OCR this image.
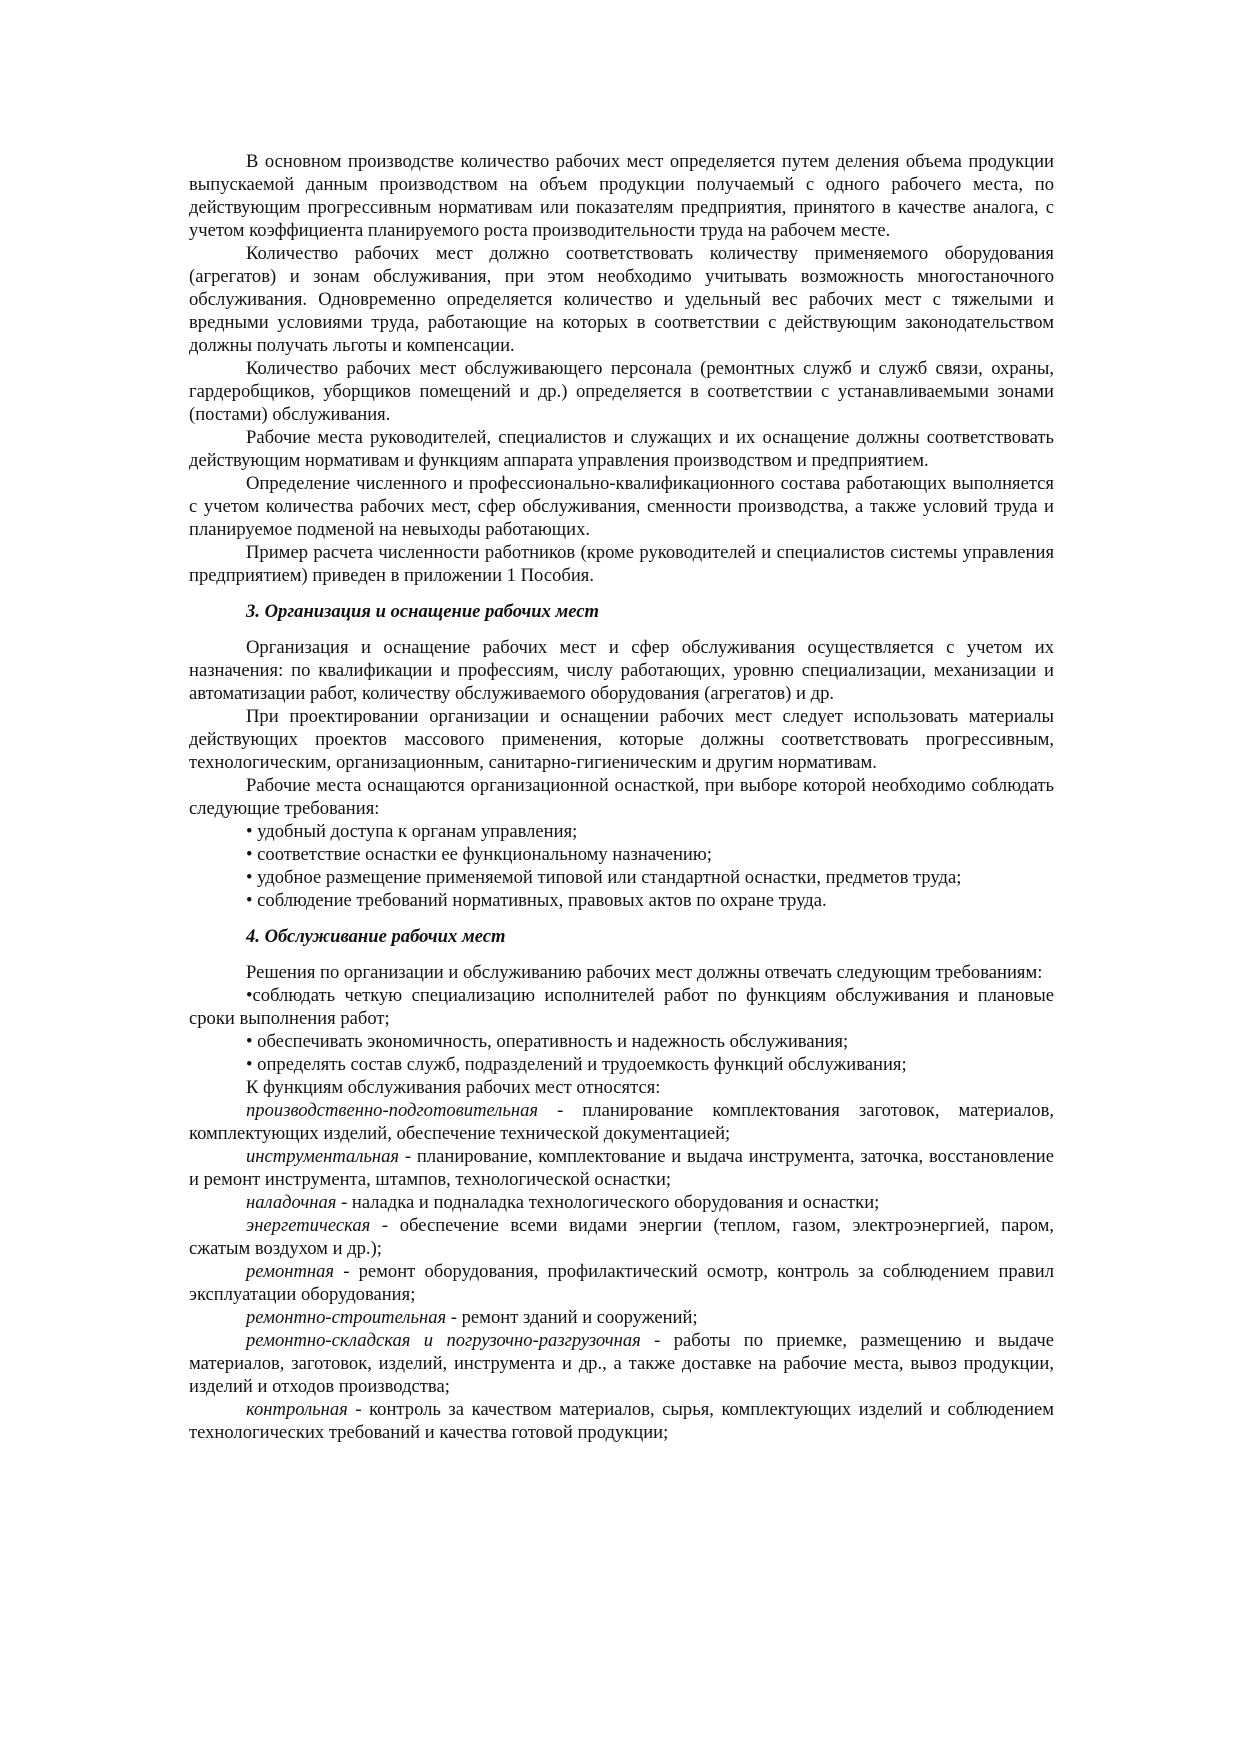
В основном производстве количество рабочих мест определяется путем деления объема продукции выпускаемой данным производством на объем продукции получаемый с одного рабочего места, по действующим прогрессивным нормативам или показателям предприятия, принятого в качестве аналога, с учетом коэффициента планируемого роста производительности труда на рабочем месте.

Количество рабочих мест должно соответствовать количеству применяемого оборудования (агрегатов) и зонам обслуживания, при этом необходимо учитывать возможность многостаночного обслуживания. Одновременно определяется количество и удельный вес рабочих мест с тяжелыми и вредными условиями труда, работающие на которых в соответствии с действующим законодательством должны получать льготы и компенсации.

Количество рабочих мест обслуживающего персонала (ремонтных служб и служб связи, охраны, гардеробщиков, уборщиков помещений и др.) определяется в соответствии с устанавливаемыми зонами (постами) обслуживания.

Рабочие места руководителей, специалистов и служащих и их оснащение должны соответствовать действующим нормативам и функциям аппарата управления производством и предприятием.

Определение численного и профессионально-квалификационного состава работающих выполняется с учетом количества рабочих мест, сфер обслуживания, сменности производства, а также условий труда и планируемое подменой на невыходы работающих.

Пример расчета численности работников (кроме руководителей и специалистов системы управления предприятием) приведен в приложении 1 Пособия.

3. Организация и оснащение рабочих мест

Организация и оснащение рабочих мест и сфер обслуживания осуществляется с учетом их назначения: по квалификации и профессиям, числу работающих, уровню специализации, механизации и автоматизации работ, количеству обслуживаемого оборудования (агрегатов) и др.

При проектировании организации и оснащении рабочих мест следует использовать материалы действующих проектов массового применения, которые должны соответствовать прогрессивным, технологическим, организационным, санитарно-гигиеническим и другим нормативам.

Рабочие места оснащаются организационной оснасткой, при выборе которой необходимо соблюдать следующие требования:

• удобный доступа к органам управления;

• соответствие оснастки ее функциональному назначению;

• удобное размещение применяемой типовой или стандартной оснастки, предметов труда;

• соблюдение требований нормативных, правовых актов по охране труда.

4. Обслуживание рабочих мест

Решения по организации и обслуживанию рабочих мест должны отвечать следующим требованиям:

•соблюдать четкую специализацию исполнителей работ по функциям обслуживания и плановые сроки выполнения работ;

• обеспечивать экономичность, оперативность и надежность обслуживания;

• определять состав служб, подразделений и трудоемкость функций обслуживания;

К функциям обслуживания рабочих мест относятся:

производственно-подготовительная - планирование комплектования заготовок, материалов, комплектующих изделий, обеспечение технической документацией;

инструментальная - планирование, комплектование и выдача инструмента, заточка, восстановление и ремонт инструмента, штампов, технологической оснастки;

наладочная - наладка и подналадка технологического оборудования и оснастки;

энергетическая - обеспечение всеми видами энергии (теплом, газом, электроэнергией, паром, сжатым воздухом и др.);

ремонтная - ремонт оборудования, профилактический осмотр, контроль за соблюдением правил эксплуатации оборудования;

ремонтно-строительная - ремонт зданий и сооружений;

ремонтно-складская и погрузочно-разгрузочная - работы по приемке, размещению и выдаче материалов, заготовок, изделий, инструмента и др., а также доставке на рабочие места, вывоз продукции, изделий и отходов производства;

контрольная - контроль за качеством материалов, сырья, комплектующих изделий и соблюдением технологических требований и качества готовой продукции;
